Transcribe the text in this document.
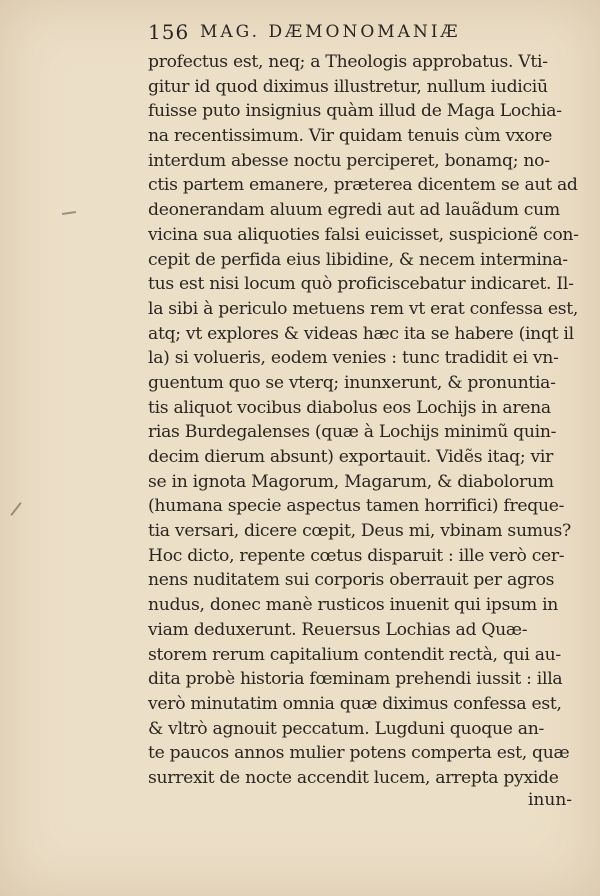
156 MAG. DÆMONOMANIÆ
profectus est, neq; a Theologis approbatus. Vti-
gitur id quod diximus illustretur, nullum iudiciū
fuisse puto insignius quàm illud de Maga Lochia-
na recentissimum. Vir quidam tenuis cùm vxore
interdum abesse noctu perciperet, bonamq; no-
ctis partem emanere, præterea dicentem se aut ad
deonerandam aluum egredi aut ad lauãdum cum
vicina sua aliquoties falsi euicisset, suspicionẽ con-
cepit de perfida eius libidine, & necem intermina-
tus est nisi locum quò proficiscebatur indicaret. Il-
la sibi à periculo metuens rem vt erat confessa est,
atq; vt explores & videas hæc ita se habere (inqt il
la) si volueris, eodem venies : tunc tradidit ei vn-
guentum quo se vterq; inunxerunt, & pronuntia-
tis aliquot vocibus diabolus eos Lochijs in arena
rias Burdegalenses (quæ à Lochijs minimũ quin-
decim dierum absunt) exportauit. Vidẽs itaq; vir
se in ignota Magorum, Magarum, & diabolorum
(humana specie aspectus tamen horrifici) freque-
tia versari, dicere cœpit, Deus mi, vbinam sumus?
Hoc dicto, repente cœtus disparuit : ille verò cer-
nens nuditatem sui corporis oberrauit per agros
nudus, donec manè rusticos inuenit qui ipsum in
viam deduxerunt. Reuersus Lochias ad Quæ-
storem rerum capitalium contendit rectà, qui au-
dita probè historia fœminam prehendi iussit : illa
verò minutatim omnia quæ diximus confessa est,
& vltrò agnouit peccatum. Lugduni quoque an-
te paucos annos mulier potens comperta est, quæ
surrexit de nocte accendit lucem, arrepta pyxide
inun-
